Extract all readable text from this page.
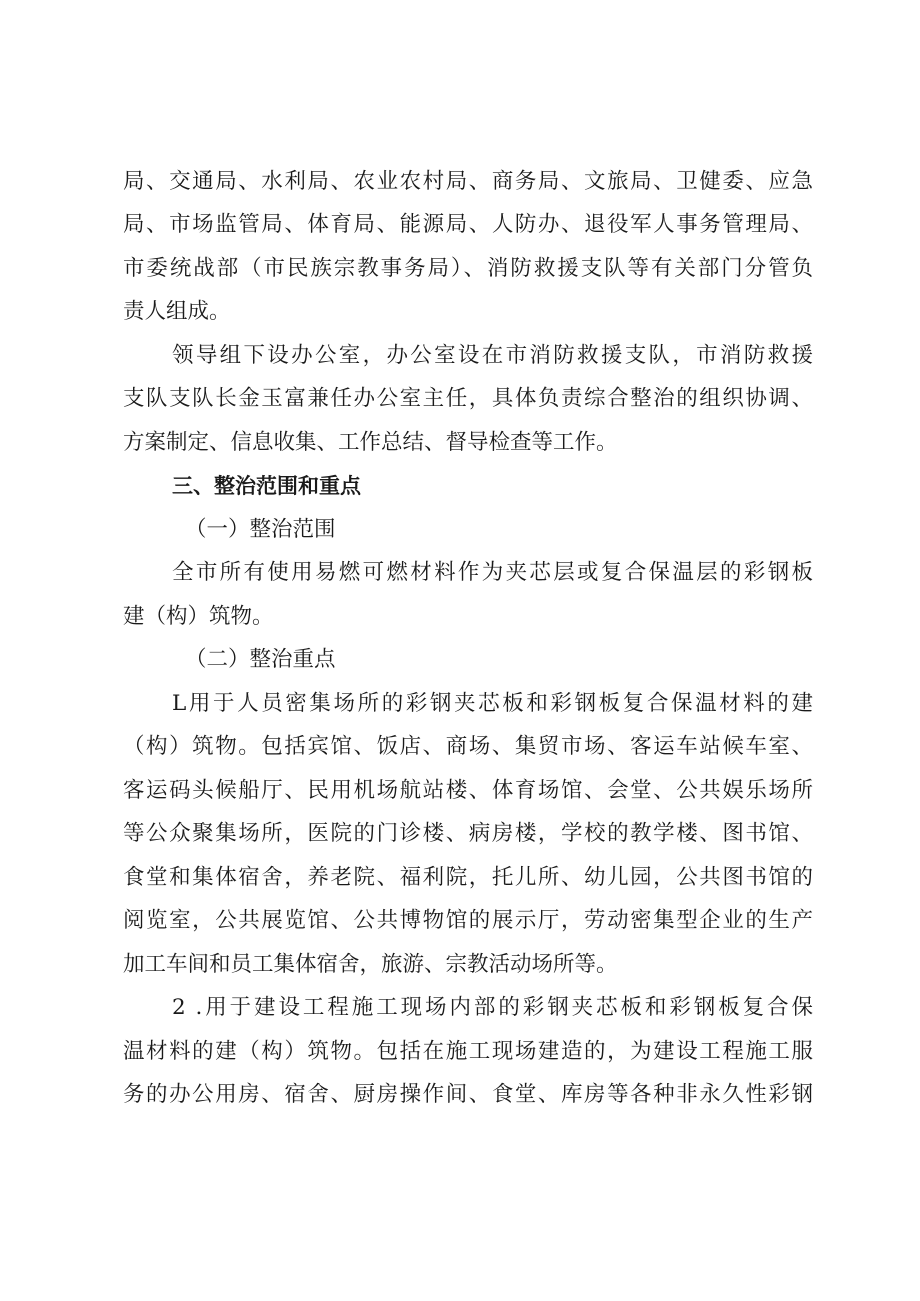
局、交通局、水利局、农业农村局、商务局、文旅局、卫健委、应急
局、市场监管局、体育局、能源局、人防办、退役军人事务管理局、
市委统战部（市民族宗教事务局）、消防救援支队等有关部门分管负
责人组成。
领导组下设办公室，办公室设在市消防救援支队，市消防救援
支队支队长金玉富兼任办公室主任，具体负责综合整治的组织协调、
方案制定、信息收集、工作总结、督导检查等工作。
三、整治范围和重点
（一）整治范围
全市所有使用易燃可燃材料作为夹芯层或复合保温层的彩钢板
建（构）筑物。
（二）整治重点
L用于人员密集场所的彩钢夹芯板和彩钢板复合保温材料的建
（构）筑物。包括宾馆、饭店、商场、集贸市场、客运车站候车室、
客运码头候船厅、民用机场航站楼、体育场馆、会堂、公共娱乐场所
等公众聚集场所，医院的门诊楼、病房楼，学校的教学楼、图书馆、
食堂和集体宿舍，养老院、福利院，托儿所、幼儿园，公共图书馆的
阅览室，公共展览馆、公共博物馆的展示厅，劳动密集型企业的生产
加工车间和员工集体宿舍，旅游、宗教活动场所等。
2 .用于建设工程施工现场内部的彩钢夹芯板和彩钢板复合保
温材料的建（构）筑物。包括在施工现场建造的，为建设工程施工服
务的办公用房、宿舍、厨房操作间、食堂、库房等各种非永久性彩钢
